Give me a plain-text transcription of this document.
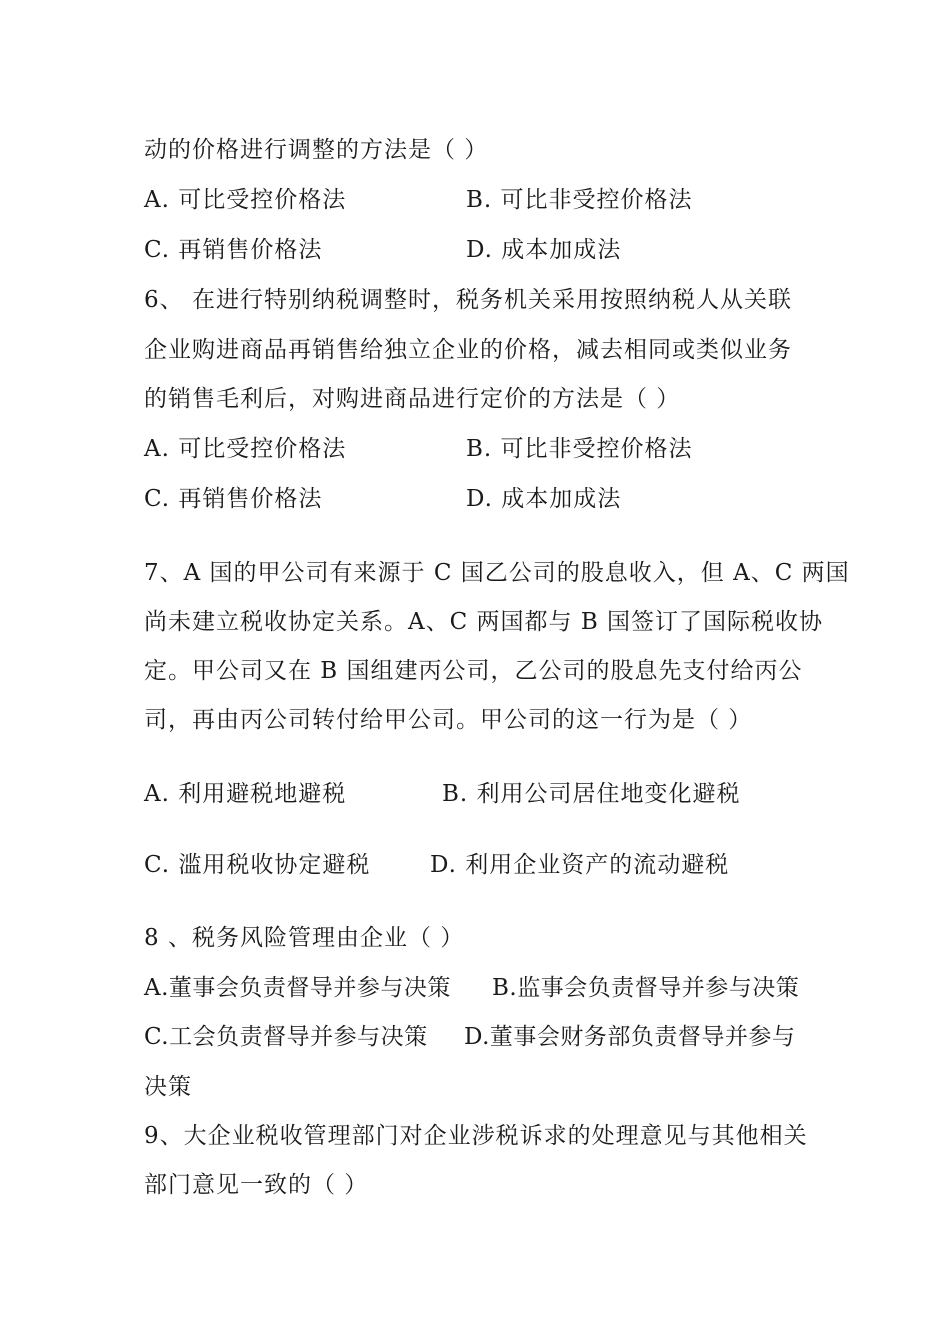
动的价格进行调整的方法是（ ）
A. 可比受控价格法	B. 可比非受控价格法
C. 再销售价格法	D. 成本加成法
6、 在进行特别纳税调整时，税务机关采用按照纳税人从关联
企业购进商品再销售给独立企业的价格，减去相同或类似业务
的销售毛利后，对购进商品进行定价的方法是（ ）
A. 可比受控价格法	B. 可比非受控价格法
C. 再销售价格法	D. 成本加成法
7、A 国的甲公司有来源于 C 国乙公司的股息收入，但 A、C 两国
尚未建立税收协定关系。A、C 两国都与 B 国签订了国际税收协
定。甲公司又在 B 国组建丙公司，乙公司的股息先支付给丙公
司，再由丙公司转付给甲公司。甲公司的这一行为是（ ）
A. 利用避税地避税	B. 利用公司居住地变化避税
C. 滥用税收协定避税	D. 利用企业资产的流动避税
8 、税务风险管理由企业（ ）
A.董事会负责督导并参与决策 B.监事会负责督导并参与决策
C.工会负责督导并参与决策 D.董事会财务部负责督导并参与
决策
9、大企业税收管理部门对企业涉税诉求的处理意见与其他相关
部门意见一致的（ ）
